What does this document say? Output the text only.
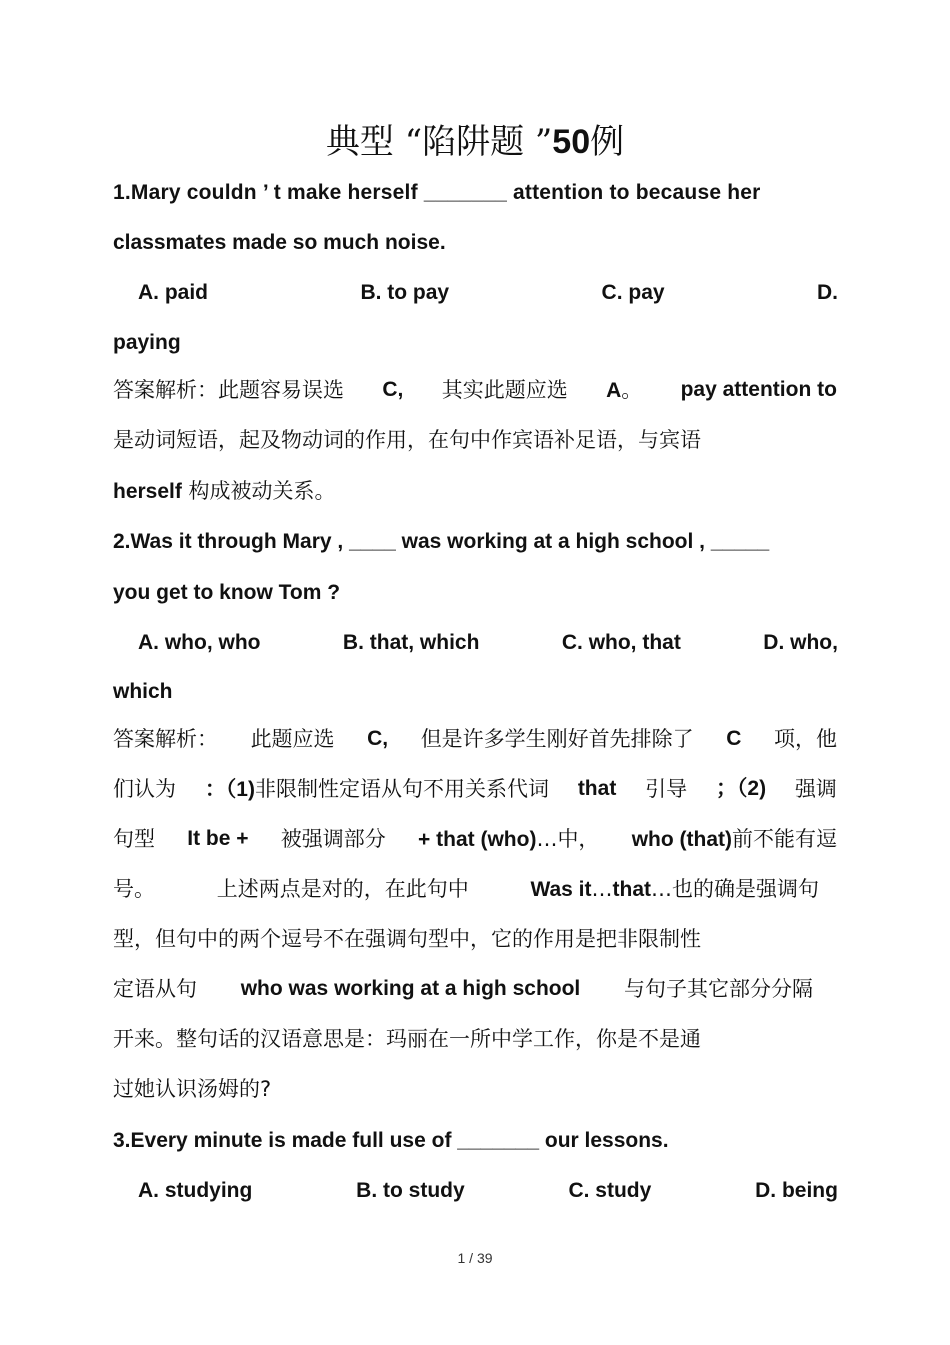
典型 “陷阱题 ”50例
1.Mary couldn ’ t make herself _______ attention to because her
classmates made so much noise.
A. paid	B. to pay	C. pay	D.
paying
答案解析：此题容易误选 C, 其实此题应选 A。 pay attention to
是动词短语，起及物动词的作用，在句中作宾语补足语，与宾语
herself 构成被动关系。
2.Was it through Mary , ____ was working at a high school , _____
you get to know Tom ?
A. who, who	B. that, which	C. who, that	D. who,
which
答案解析： 此题应选 C, 但是许多学生刚好首先排除了 C 项，他
们认为 ：（1)非限制性定语从句不用关系代词 that 引导 ；（2) 强调
句型 It be + 被强调部分 + that (who)…中， who (that)前不能有逗
号。	上述两点是对的，在此句中	Was it…that…也的确是强调句
型，但句中的两个逗号不在强调句型中，它的作用是把非限制性
定语从句 who was working at a high school 与句子其它部分分隔
开来。整句话的汉语意思是：玛丽在一所中学工作，你是不是通
过她认识汤姆的?
3.Every minute is made full use of _______ our lessons.
A. studying	B. to study	C. study	D. being
1 / 39
